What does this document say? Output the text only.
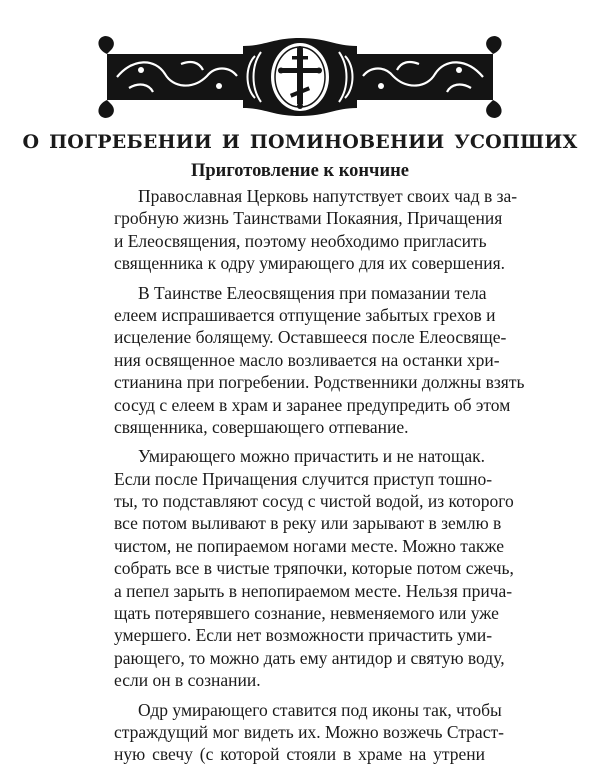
О ПОГРЕБЕНИИ И ПОМИНОВЕНИИ УСОПШИХ
Приготовление к кончине

Православная Церковь напутствует своих чад в за-
гробную жизнь Таинствами Покаяния, Причащения
и Елеосвящения, поэтому необходимо пригласить
священника к одру умирающего для их совершения.

В Таинстве Елеосвящения при помазании тела
елеем испрашивается отпущение забытых грехов и
исцеление болящему. Оставшееся после Елеосвяще-
ния освященное масло возливается на останки хри-
стианина при погребении. Родственники должны взять
сосуд с елеем в храм и заранее предупредить об этом
священника, совершающего отпевание.

Умирающего можно причастить и не натощак.
Если после Причащения случится приступ тошно-
ты, то подставляют сосуд с чистой водой, из которого
все потом выливают в реку или зарывают в землю в
чистом, не попираемом ногами месте. Можно также
собрать все в чистые тряпочки, которые потом сжечь,
а пепел зарыть в непопираемом месте. Нельзя прича-
щать потерявшего сознание, невменяемого или уже
умершего. Если нет возможности причастить уми-
рающего, то можно дать ему антидор и святую воду,
если он в сознании.

Одр умирающего ставится под иконы так, чтобы
страждущий мог видеть их. Можно возжечь Страст-
ную свечу (с которой стояли в храме на утрени
